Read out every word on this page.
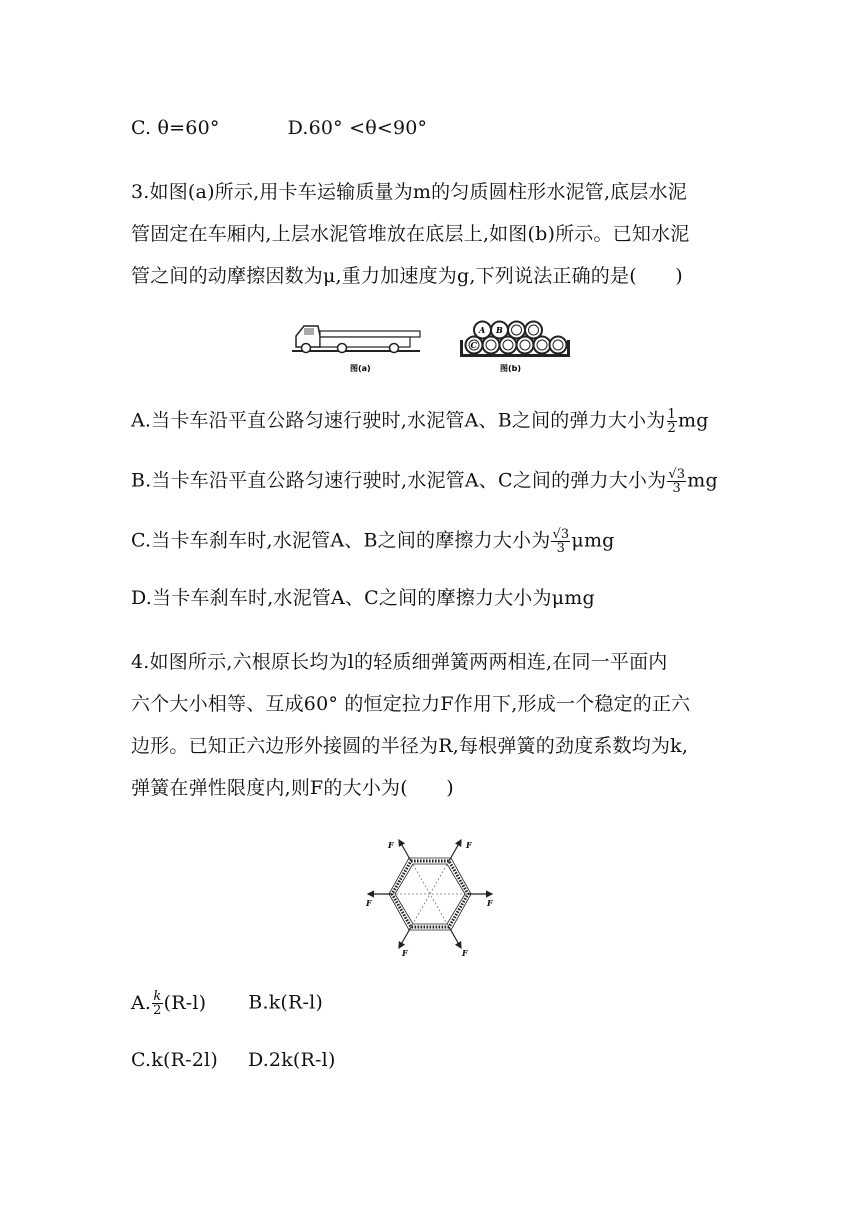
C. θ=60°	D.60° <θ<90°
3.如图(a)所示,用卡车运输质量为m的匀质圆柱形水泥管,底层水泥
管固定在车厢内,上层水泥管堆放在底层上,如图(b)所示。已知水泥
管之间的动摩擦因数为μ,重力加速度为g,下列说法正确的是(　　)
图(a)
A B
C
图(b)
A.当卡车沿平直公路匀速行驶时,水泥管A、B之间的弹力大小为 $\frac{1}{2}$ mg
B.当卡车沿平直公路匀速行驶时,水泥管A、C之间的弹力大小为 $\frac{√3}{3}$ mg
C.当卡车刹车时,水泥管A、B之间的摩擦力大小为 $\frac{√3}{3}$ μmg
D.当卡车刹车时,水泥管A、C之间的摩擦力大小为μmg
4.如图所示,六根原长均为l的轻质细弹簧两两相连,在同一平面内
六个大小相等、互成60° 的恒定拉力F作用下,形成一个稳定的正六
边形。已知正六边形外接圆的半径为R,每根弹簧的劲度系数均为k,
弹簧在弹性限度内,则F的大小为(　　)
F	F
F	F
F	F
A. $\frac{k}{2} (R-l)$ B.k(R-l)
C.k(R-2l) D.2k(R-l)
